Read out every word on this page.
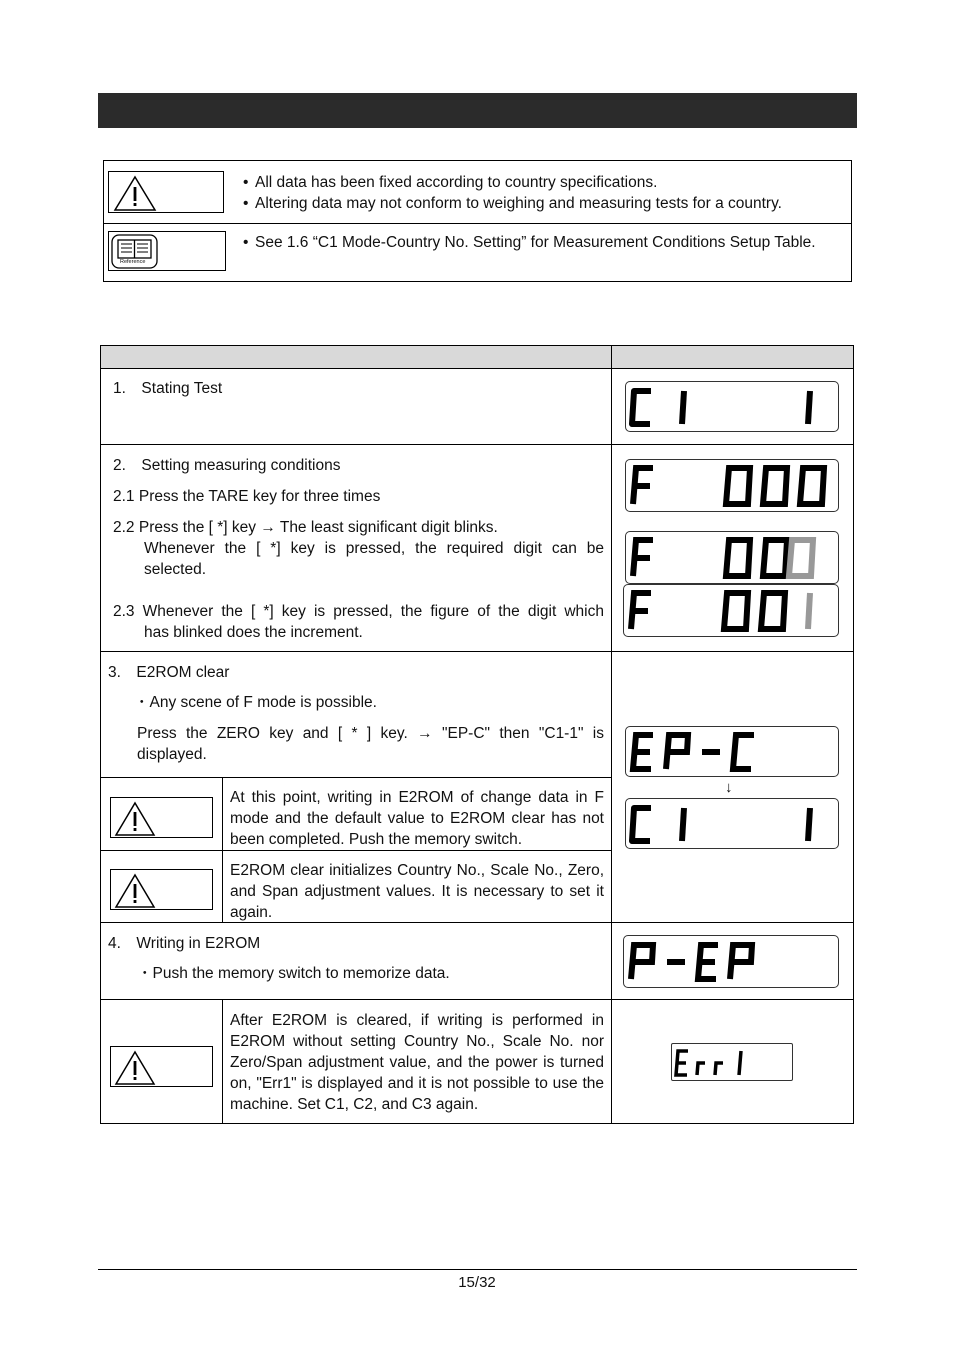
• All data has been fixed according to country specifications.
• Altering data may not conform to weighing and measuring tests for a country.
Reference
• See 1.6 “C1 Mode-Country No. Setting” for Measurement Conditions Setup Table.
1. Stating Test
2. Setting measuring conditions
2.1 Press the TARE key for three times
2.2 Press the [ *] key → The least significant digit blinks.
Whenever the [ *] key is pressed, the required digit can be selected.
2.3 Whenever the [ *] key is pressed, the figure of the digit which
has blinked does the increment.
3. E2ROM clear
・Any scene of F mode is possible.
Press the ZERO key and [ * ] key. → "EP-C" then "C1-1" is displayed.
At this point, writing in E2ROM of change data in F mode and the default value to E2ROM clear has not been completed. Push the memory switch.
E2ROM clear initializes Country No., Scale No., Zero, and Span adjustment values. It is necessary to set it again.
4. Writing in E2ROM
・Push the memory switch to memorize data.
After E2ROM is cleared, if writing is performed in E2ROM without setting Country No., Scale No. nor Zero/Span adjustment value, and the power is turned on, "Err1" is displayed and it is not possible to use the machine. Set C1, C2, and C3 again.
↓
15/32
